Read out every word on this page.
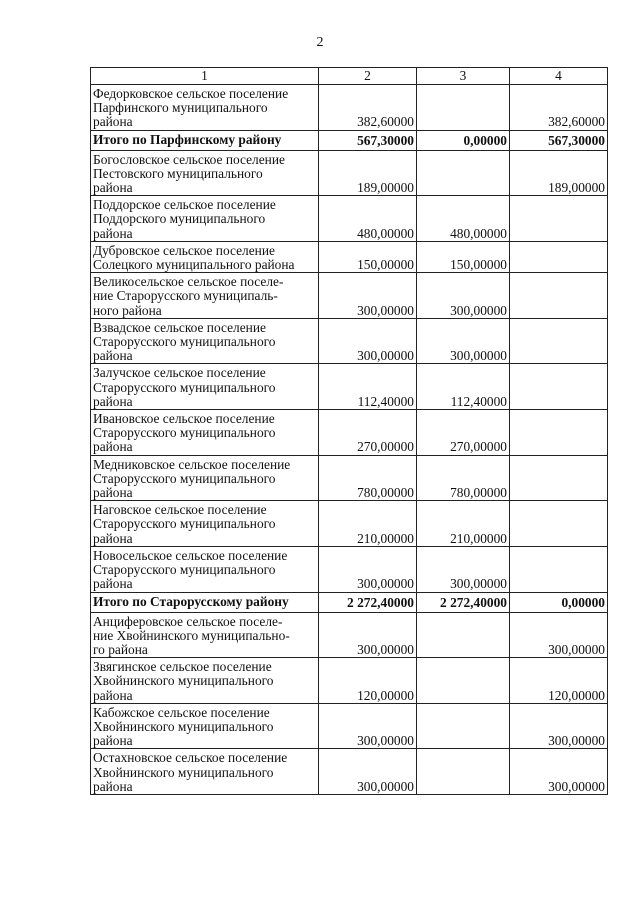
2
1	2	3	4
Федорковское сельское поселение
Парфинского муниципального
района	382,60000		382,60000
Итого по Парфинскому району	567,30000	0,00000	567,30000
Богословское сельское поселение
Пестовского муниципального
района	189,00000		189,00000
Поддорское сельское поселение
Поддорского муниципального
района	480,00000	480,00000	
Дубровское сельское поселение
Солецкого муниципального района	150,00000	150,00000	
Великосельское сельское поселе-
ние Старорусского муниципаль-
ного района	300,00000	300,00000	
Взвадское сельское поселение
Старорусского муниципального
района	300,00000	300,00000	
Залучское сельское поселение
Старорусского муниципального
района	112,40000	112,40000	
Ивановское сельское поселение
Старорусского муниципального
района	270,00000	270,00000	
Медниковское сельское поселение
Старорусского муниципального
района	780,00000	780,00000	
Наговское сельское поселение
Старорусского муниципального
района	210,00000	210,00000	
Новосельское сельское поселение
Старорусского муниципального
района	300,00000	300,00000	
Итого по Старорусскому району	2 272,40000	2 272,40000	0,00000
Анциферовское сельское поселе-
ние Хвойнинского муниципально-
го района	300,00000		300,00000
Звягинское сельское поселение
Хвойнинского муниципального
района	120,00000		120,00000
Кабожское сельское поселение
Хвойнинского муниципального
района	300,00000		300,00000
Остахновское сельское поселение
Хвойнинского муниципального
района	300,00000		300,00000
